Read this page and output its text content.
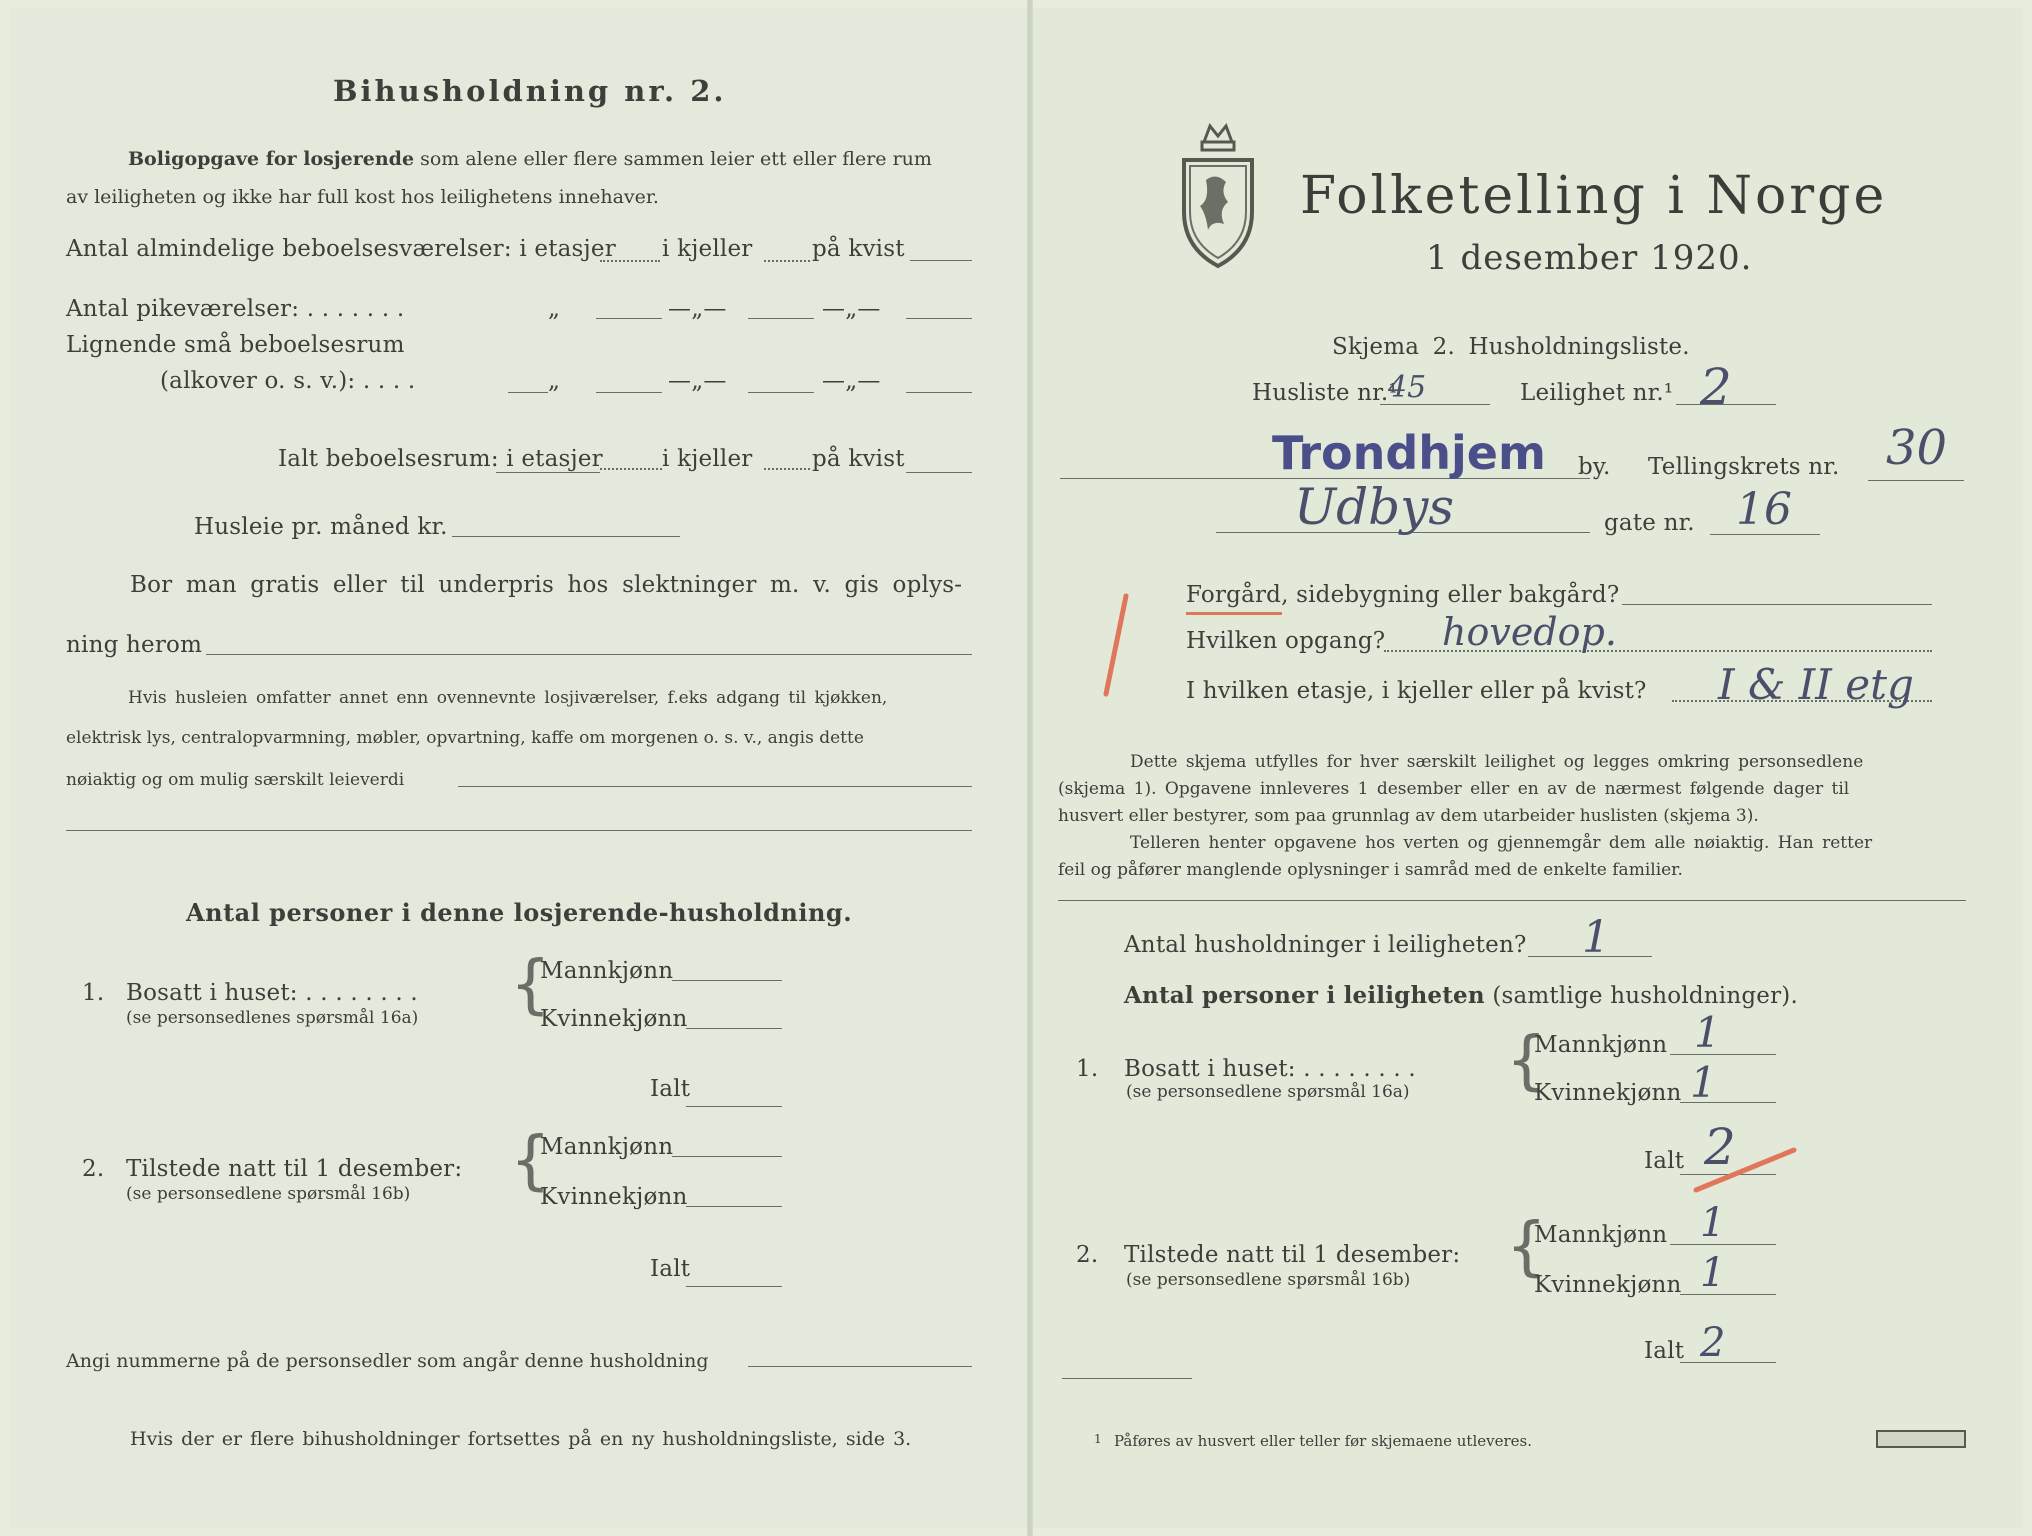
Bihusholdning nr. 2.
Boligopgave for losjerende som alene eller flere sammen leier ett eller flere rum
av leiligheten og ikke har full kost hos leilighetens innehaver.
Antal almindelige beboelsesværelser: i etasjer i kjeller	på kvist
Antal pikeværelser: . . . . . . .	„	—„—	—„—
Lignende små beboelsesrum
(alkover o. s. v.): . . . .	„	—„—	—„—
Ialt beboelsesrum: i etasjer	i kjeller	på kvist
Husleie pr. måned kr.
Bor man gratis eller til underpris hos slektninger m. v. gis oplys-
ning herom
Hvis husleien omfatter annet enn ovennevnte losjiværelser, f.eks adgang til kjøkken,
elektrisk lys, centralopvarmning, møbler, opvartning, kaffe om morgenen o. s. v., angis dette
nøiaktig og om mulig særskilt leieverdi
Antal personer i denne losjerende-husholdning.
1. Bosatt i huset: . . . . . . . .
(se personsedlenes spørsmål 16a) {
Mannkjønn
Kvinnekjønn
Ialt
2. Tilstede natt til 1 desember:
(se personsedlene spørsmål 16b) {
Mannkjønn
Kvinnekjønn
Ialt
Angi nummerne på de personsedler som angår denne husholdning
Hvis der er flere bihusholdninger fortsettes på en ny husholdningsliste, side 3.
Folketelling i Norge
1 desember 1920.
Skjema 2. Husholdningsliste.
Husliste nr.¹
45	Leilighet nr.¹ 2
Trondhjem by. Tellingskrets nr. 30
Udbys	gate nr. 16
Forgård, sidebygning eller bakgård?
Hvilken opgang? hovedop.
I hvilken etasje, i kjeller eller på kvist? I & II etg
Dette skjema utfylles for hver særskilt leilighet og legges omkring personsedlene
(skjema 1). Opgavene innleveres 1 desember eller en av de nærmest følgende dager til
husvert eller bestyrer, som paa grunnlag av dem utarbeider huslisten (skjema 3).
Telleren henter opgavene hos verten og gjennemgår dem alle nøiaktig. Han retter
feil og påfører manglende oplysninger i samråd med de enkelte familier.
Antal husholdninger i leiligheten? 1
Antal personer i leiligheten (samtlige husholdninger).
1. Bosatt i huset: . . . . . . . .
(se personsedlene spørsmål 16a) {
Mannkjønn 1
Kvinnekjønn 1
Ialt 2
2. Tilstede natt til 1 desember:
(se personsedlene spørsmål 16b) {
Mannkjønn 1
Kvinnekjønn 1
Ialt 2
1 Påføres av husvert eller teller før skjemaene utleveres.
